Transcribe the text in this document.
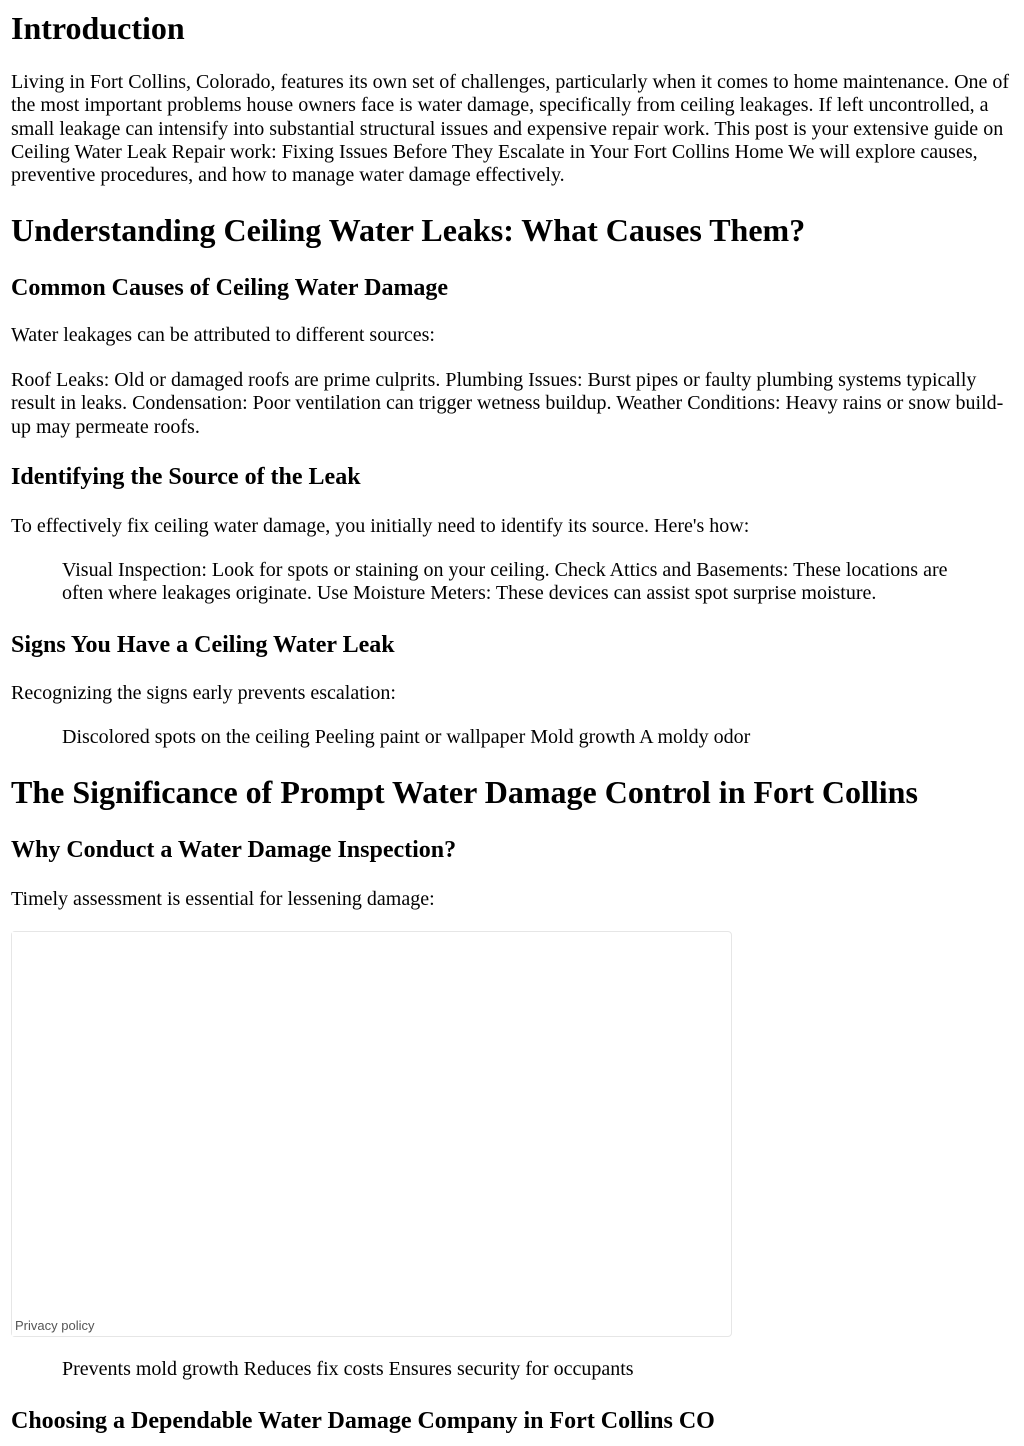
Introduction

Living in Fort Collins, Colorado, features its own set of challenges, particularly when it comes to home maintenance. One of the most important problems house owners face is water damage, specifically from ceiling leakages. If left uncontrolled, a small leakage can intensify into substantial structural issues and expensive repair work. This post is your extensive guide on Ceiling Water Leak Repair work: Fixing Issues Before They Escalate in Your Fort Collins Home We will explore causes, preventive procedures, and how to manage water damage effectively.

Understanding Ceiling Water Leaks: What Causes Them?
Common Causes of Ceiling Water Damage

Water leakages can be attributed to different sources:

Roof Leaks: Old or damaged roofs are prime culprits. Plumbing Issues: Burst pipes or faulty plumbing systems typically result in leaks. Condensation: Poor ventilation can trigger wetness buildup. Weather Conditions: Heavy rains or snow build-up may permeate roofs.

Identifying the Source of the Leak

To effectively fix ceiling water damage, you initially need to identify its source. Here's how:

Visual Inspection: Look for spots or staining on your ceiling. Check Attics and Basements: These locations are often where leakages originate. Use Moisture Meters: These devices can assist spot surprise moisture.
Signs You Have a Ceiling Water Leak

Recognizing the signs early prevents escalation:

Discolored spots on the ceiling Peeling paint or wallpaper Mold growth A moldy odor
The Significance of Prompt Water Damage Control in Fort Collins
Why Conduct a Water Damage Inspection?

Timely assessment is essential for lessening damage:

Privacy policy
Prevents mold growth Reduces fix costs Ensures security for occupants
Choosing a Dependable Water Damage Company in Fort Collins CO
